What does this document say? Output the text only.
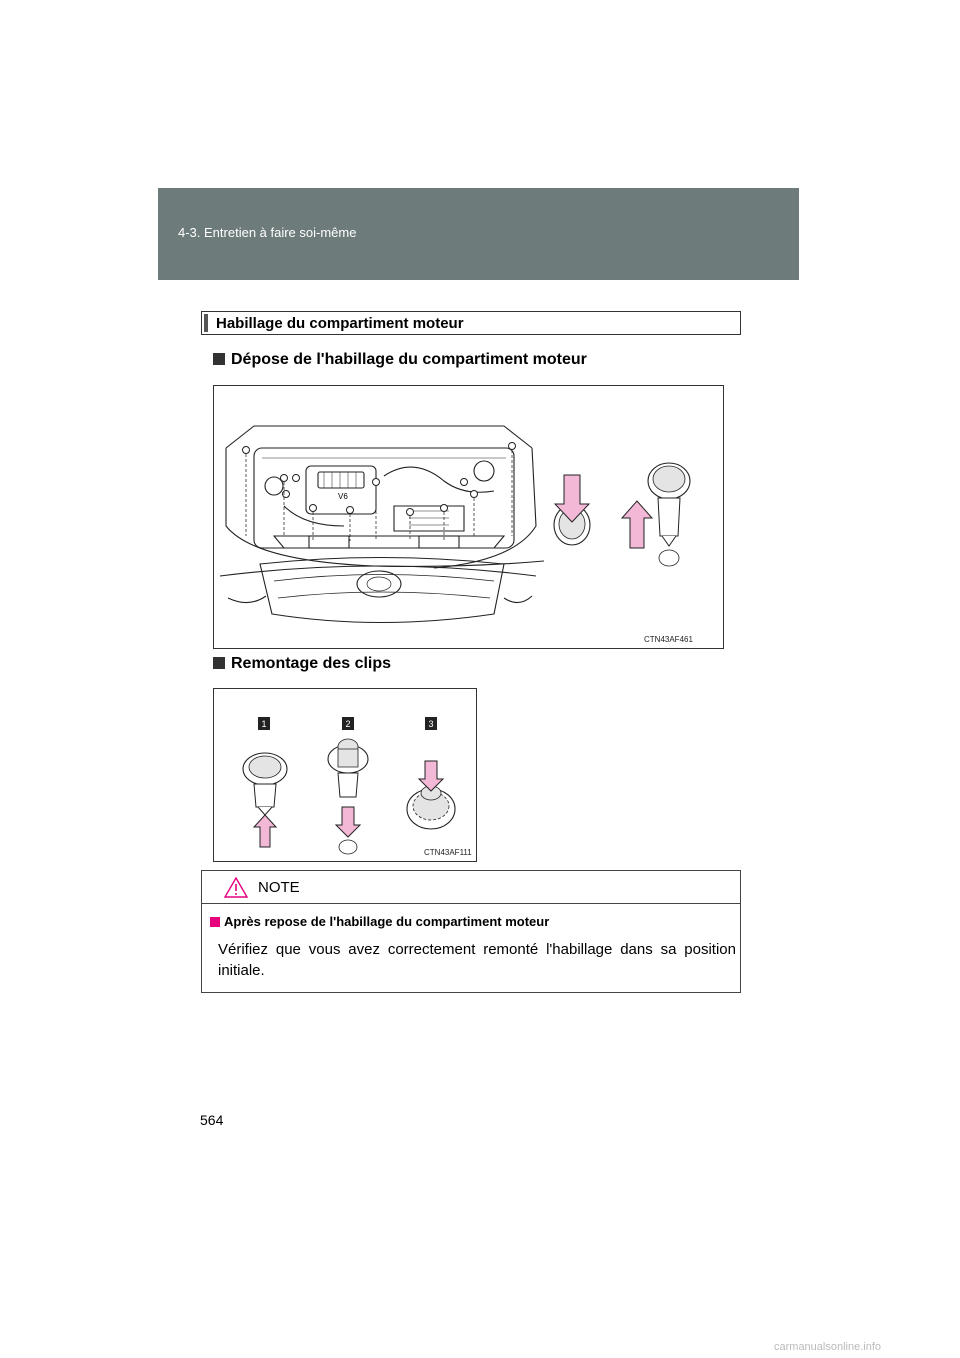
4-3. Entretien à faire soi-même
Habillage du compartiment moteur
Dépose de l'habillage du compartiment moteur
V6
CTN43AF461
Remontage des clips
1	2	3
CTN43AF111
NOTE
Après repose de l'habillage du compartiment moteur
Vérifiez que vous avez correctement remonté l'habillage dans sa position initiale.
564
carmanualsonline.info
